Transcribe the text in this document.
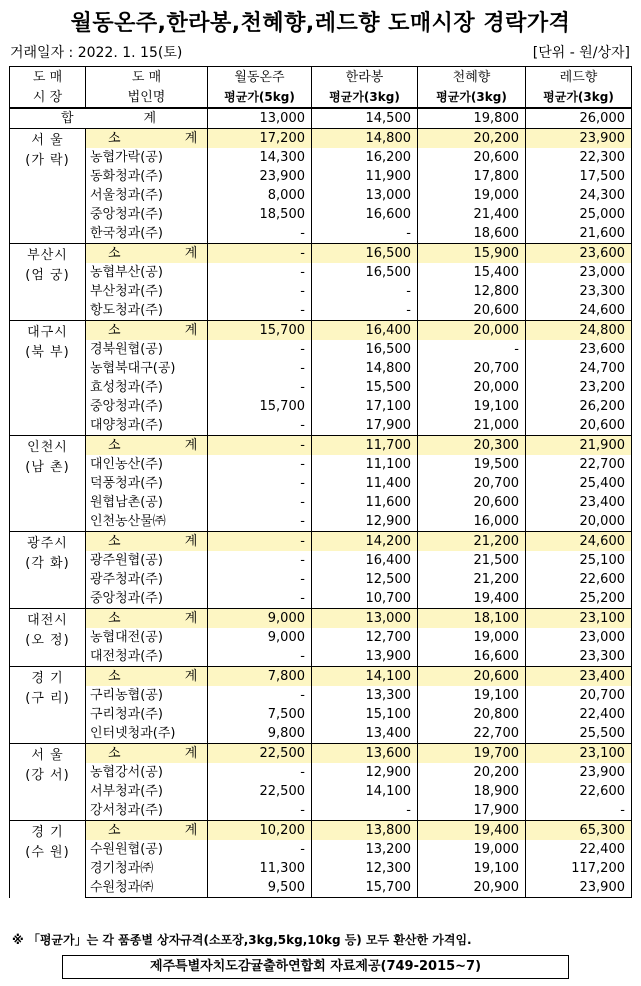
월동온주,한라봉,천혜향,레드향 도매시장 경락가격
거래일자 : 2022. 1. 15(토)	[단위 - 원/상자]
도 매	도 매	월동온주	한라봉	천혜향	레드향
시 장	법인명	평균가(5kg)	평균가(3kg)	평균가(3kg)	평균가(3kg)
합 계		13,000	14,500	19,800	26,000

서 울
(가 락)	소 계	17,200	14,800	20,200	23,900
	농협가락(공)	14,300	16,200	20,600	22,300
	동화청과(주)	23,900	11,900	17,800	17,500
	서울청과(주)	8,000	13,000	19,000	24,300
	중앙청과(주)	18,500	16,600	21,400	25,000
	한국청과(주)	-	-	18,600	21,600

부산시
(엄 궁)	소 계	-	16,500	15,900	23,600
	농협부산(공)	-	16,500	15,400	23,000
	부산청과(주)	-	-	12,800	23,300
	항도청과(주)	-	-	20,600	24,600

대구시
(북 부)	소 계	15,700	16,400	20,000	24,800
	경북원협(공)	-	16,500	-	23,600
	농협북대구(공)	-	14,800	20,700	24,700
	효성청과(주)	-	15,500	20,000	23,200
	중앙청과(주)	15,700	17,100	19,100	26,200
	대양청과(주)	-	17,900	21,000	20,600

인천시
(남 촌)	소 계	-	11,700	20,300	21,900
	대인농산(주)	-	11,100	19,500	22,700
	덕풍청과(주)	-	11,400	20,700	25,400
	원협남촌(공)	-	11,600	20,600	23,400
	인천농산물㈜	-	12,900	16,000	20,000

광주시
(각 화)	소 계	-	14,200	21,200	24,600
	광주원협(공)	-	16,400	21,500	25,100
	광주청과(주)	-	12,500	21,200	22,600
	중앙청과(주)	-	10,700	19,400	25,200

대전시
(오 정)	소 계	9,000	13,000	18,100	23,100
	농협대전(공)	9,000	12,700	19,000	23,000
	대전청과(주)	-	13,900	16,600	23,300

경 기
(구 리)	소 계	7,800	14,100	20,600	23,400
	구리농협(공)	-	13,300	19,100	20,700
	구리청과(주)	7,500	15,100	20,800	22,400
	인터넷청과(주)	9,800	13,400	22,700	25,500

서 울
(강 서)	소 계	22,500	13,600	19,700	23,100
	농협강서(공)	-	12,900	20,200	23,900
	서부청과(주)	22,500	14,100	18,900	22,600
	강서청과(주)	-	-	17,900	-

경 기
(수 원)	소 계	10,200	13,800	19,400	65,300
	수원원협(공)	-	13,200	19,000	22,400
	경기청과㈜	11,300	12,300	19,100	117,200
	수원청과㈜	9,500	15,700	20,900	23,900
※ 「평균가」는 각 품종별 상자규격(소포장,3kg,5kg,10kg 등) 모두 환산한 가격임.
제주특별자치도감귤출하연합회 자료제공(749-2015~7)
